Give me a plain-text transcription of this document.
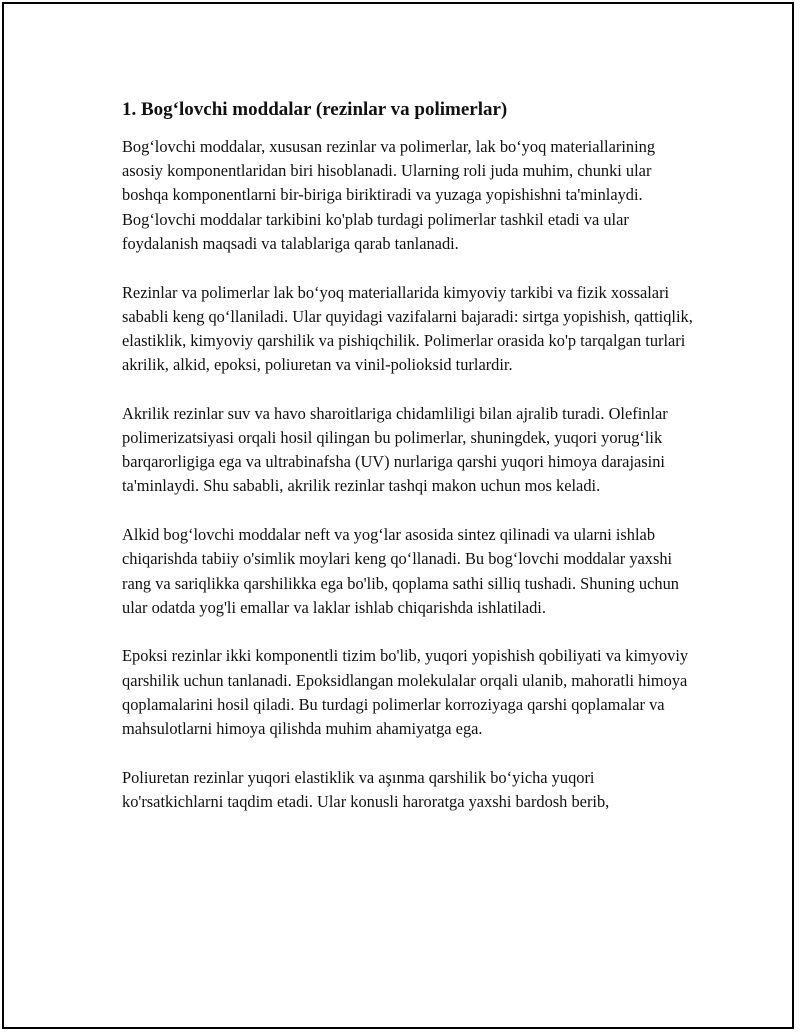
1. Bog‘lovchi moddalar (rezinlar va polimerlar)

Bog‘lovchi moddalar, xususan rezinlar va polimerlar, lak bo‘yoq materiallarining asosiy komponentlaridan biri hisoblanadi. Ularning roli juda muhim, chunki ular boshqa komponentlarni bir-biriga biriktiradi va yuzaga yopishishni ta'minlaydi. Bog‘lovchi moddalar tarkibini ko'plab turdagi polimerlar tashkil etadi va ular foydalanish maqsadi va talablariga qarab tanlanadi.

Rezinlar va polimerlar lak bo‘yoq materiallarida kimyoviy tarkibi va fizik xossalari sababli keng qo‘llaniladi. Ular quyidagi vazifalarni bajaradi: sirtga yopishish, qattiqlik, elastiklik, kimyoviy qarshilik va pishiqchilik. Polimerlar orasida ko'p tarqalgan turlari akrilik, alkid, epoksi, poliuretan va vinil-polioksid turlardir.

Akrilik rezinlar suv va havo sharoitlariga chidamliligi bilan ajralib turadi. Olefinlar polimerizatsiyasi orqali hosil qilingan bu polimerlar, shuningdek, yuqori yorug‘lik barqarorligiga ega va ultrabinafsha (UV) nurlariga qarshi yuqori himoya darajasini ta'minlaydi. Shu sababli, akrilik rezinlar tashqi makon uchun mos keladi.

Alkid bog‘lovchi moddalar neft va yog‘lar asosida sintez qilinadi va ularni ishlab chiqarishda tabiiy o'simlik moylari keng qo‘llanadi. Bu bog‘lovchi moddalar yaxshi rang va sariqlikka qarshilikka ega bo'lib, qoplama sathi silliq tushadi. Shuning uchun ular odatda yog'li emallar va laklar ishlab chiqarishda ishlatiladi.

Epoksi rezinlar ikki komponentli tizim bo'lib, yuqori yopishish qobiliyati va kimyoviy qarshilik uchun tanlanadi. Epoksidlangan molekulalar orqali ulanib, mahoratli himoya qoplamalarini hosil qiladi. Bu turdagi polimerlar korroziyaga qarshi qoplamalar va mahsulotlarni himoya qilishda muhim ahamiyatga ega.

Poliuretan rezinlar yuqori elastiklik va aşınma qarshilik bo‘yicha yuqori ko'rsatkichlarni taqdim etadi. Ular konusli haroratga yaxshi bardosh berib,
